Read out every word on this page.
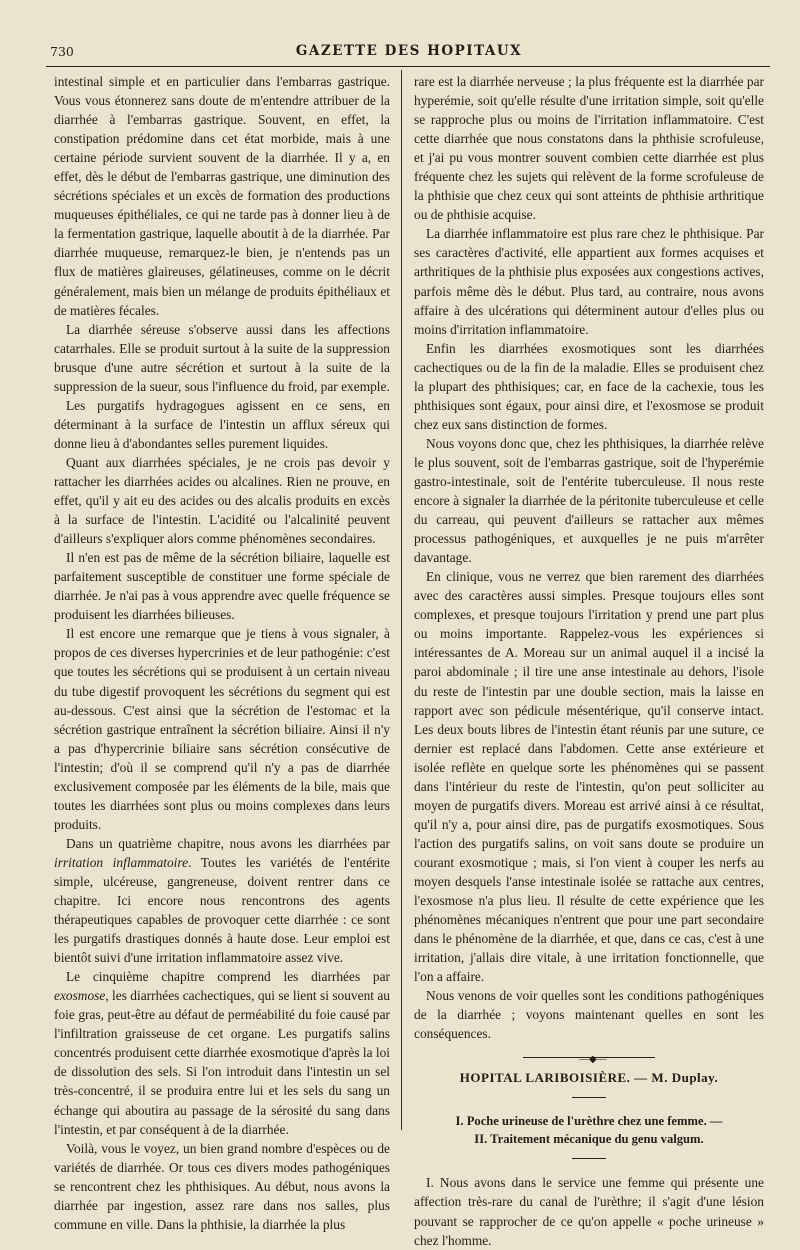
730	GAZETTE DES HOPITAUX

intestinal simple et en particulier dans l'embarras gastrique. Vous vous étonnerez sans doute de m'entendre attribuer de la diarrhée à l'embarras gastrique. Souvent, en effet, la constipation prédomine dans cet état morbide, mais à une certaine période survient souvent de la diarrhée. Il y a, en effet, dès le début de l'embarras gastrique, une diminution des sécrétions spéciales et un excès de formation des productions muqueuses épithéliales, ce qui ne tarde pas à donner lieu à de la fermentation gastrique, laquelle aboutit à de la diarrhée. Par diarrhée muqueuse, remarquez-le bien, je n'entends pas un flux de matières glaireuses, gélatineuses, comme on le décrit généralement, mais bien un mélange de produits épithéliaux et de matières fécales.

La diarrhée séreuse s'observe aussi dans les affections catarrhales. Elle se produit surtout à la suite de la suppression brusque d'une autre sécrétion et surtout à la suite de la suppression de la sueur, sous l'influence du froid, par exemple.

Les purgatifs hydragogues agissent en ce sens, en déterminant à la surface de l'intestin un afflux séreux qui donne lieu à d'abondantes selles purement liquides.

Quant aux diarrhées spéciales, je ne crois pas devoir y rattacher les diarrhées acides ou alcalines. Rien ne prouve, en effet, qu'il y ait eu des acides ou des alcalis produits en excès à la surface de l'intestin. L'acidité ou l'alcalinité peuvent d'ailleurs s'expliquer alors comme phénomènes secondaires.

Il n'en est pas de même de la sécrétion biliaire, laquelle est parfaitement susceptible de constituer une forme spéciale de diarrhée. Je n'ai pas à vous apprendre avec quelle fréquence se produisent les diarrhées bilieuses.

Il est encore une remarque que je tiens à vous signaler, à propos de ces diverses hypercrinies et de leur pathogénie: c'est que toutes les sécrétions qui se produisent à un certain niveau du tube digestif provoquent les sécrétions du segment qui est au-dessous. C'est ainsi que la sécrétion de l'estomac et la sécrétion gastrique entraînent la sécrétion biliaire. Ainsi il n'y a pas d'hypercrinie biliaire sans sécrétion consécutive de l'intestin; d'où il se comprend qu'il n'y a pas de diarrhée exclusivement composée par les éléments de la bile, mais que toutes les diarrhées sont plus ou moins complexes dans leurs produits.

Dans un quatrième chapitre, nous avons les diarrhées par irritation inflammatoire. Toutes les variétés de l'entérite simple, ulcéreuse, gangreneuse, doivent rentrer dans ce chapitre. Ici encore nous rencontrons des agents thérapeutiques capables de provoquer cette diarrhée : ce sont les purgatifs drastiques donnés à haute dose. Leur emploi est bientôt suivi d'une irritation inflammatoire assez vive.

Le cinquième chapitre comprend les diarrhées par exosmose, les diarrhées cachectiques, qui se lient si souvent au foie gras, peut-être au défaut de perméabilité du foie causé par l'infiltration graisseuse de cet organe. Les purgatifs salins concentrés produisent cette diarrhée exosmotique d'après la loi de dissolution des sels. Si l'on introduit dans l'intestin un sel très-concentré, il se produira entre lui et les sels du sang un échange qui aboutira au passage de la sérosité du sang dans l'intestin, et par conséquent à de la diarrhée.

Voilà, vous le voyez, un bien grand nombre d'espèces ou de variétés de diarrhée. Or tous ces divers modes pathogéniques se rencontrent chez les phthisiques. Au début, nous avons la diarrhée par ingestion, assez rare dans nos salles, plus commune en ville. Dans la phthisie, la diarrhée la plus

rare est la diarrhée nerveuse ; la plus fréquente est la diarrhée par hyperémie, soit qu'elle résulte d'une irritation simple, soit qu'elle se rapproche plus ou moins de l'irritation inflammatoire. C'est cette diarrhée que nous constatons dans la phthisie scrofuleuse, et j'ai pu vous montrer souvent combien cette diarrhée est plus fréquente chez les sujets qui relèvent de la forme scrofuleuse de la phthisie que chez ceux qui sont atteints de phthisie arthritique ou de phthisie acquise.

La diarrhée inflammatoire est plus rare chez le phthisique. Par ses caractères d'activité, elle appartient aux formes acquises et arthritiques de la phthisie plus exposées aux congestions actives, parfois même dès le début. Plus tard, au contraire, nous avons affaire à des ulcérations qui déterminent autour d'elles plus ou moins d'irritation inflammatoire.

Enfin les diarrhées exosmotiques sont les diarrhées cachectiques ou de la fin de la maladie. Elles se produisent chez la plupart des phthisiques; car, en face de la cachexie, tous les phthisiques sont égaux, pour ainsi dire, et l'exosmose se produit chez eux sans distinction de formes.

Nous voyons donc que, chez les phthisiques, la diarrhée relève le plus souvent, soit de l'embarras gastrique, soit de l'hyperémie gastro-intestinale, soit de l'entérite tuberculeuse. Il nous reste encore à signaler la diarrhée de la péritonite tuberculeuse et celle du carreau, qui peuvent d'ailleurs se rattacher aux mêmes processus pathogéniques, et auxquelles je ne puis m'arrêter davantage.

En clinique, vous ne verrez que bien rarement des diarrhées avec des caractères aussi simples. Presque toujours elles sont complexes, et presque toujours l'irritation y prend une part plus ou moins importante. Rappelez-vous les expériences si intéressantes de A. Moreau sur un animal auquel il a incisé la paroi abdominale ; il tire une anse intestinale au dehors, l'isole du reste de l'intestin par une double section, mais la laisse en rapport avec son pédicule mésentérique, qu'il conserve intact. Les deux bouts libres de l'intestin étant réunis par une suture, ce dernier est replacé dans l'abdomen. Cette anse extérieure et isolée reflète en quelque sorte les phénomènes qui se passent dans l'intérieur du reste de l'intestin, qu'on peut solliciter au moyen de purgatifs divers. Moreau est arrivé ainsi à ce résultat, qu'il n'y a, pour ainsi dire, pas de purgatifs exosmotiques. Sous l'action des purgatifs salins, on voit sans doute se produire un courant exosmotique ; mais, si l'on vient à couper les nerfs au moyen desquels l'anse intestinale isolée se rattache aux centres, l'exosmose n'a plus lieu. Il résulte de cette expérience que les phénomènes mécaniques n'entrent que pour une part secondaire dans le phénomène de la diarrhée, et que, dans ce cas, c'est à une irritation, j'allais dire vitale, à une irritation fonctionnelle, que l'on a affaire.

Nous venons de voir quelles sont les conditions pathogéniques de la diarrhée ; voyons maintenant quelles en sont les conséquences.

—◆—
HOPITAL LARIBOISIÈRE. — M. Duplay.
I. Poche urineuse de l'urèthre chez une femme. —
II. Traitement mécanique du genu valgum.

I. Nous avons dans le service une femme qui présente une affection très-rare du canal de l'urèthre; il s'agit d'une lésion pouvant se rapprocher de ce qu'on appelle « poche urineuse » chez l'homme.
